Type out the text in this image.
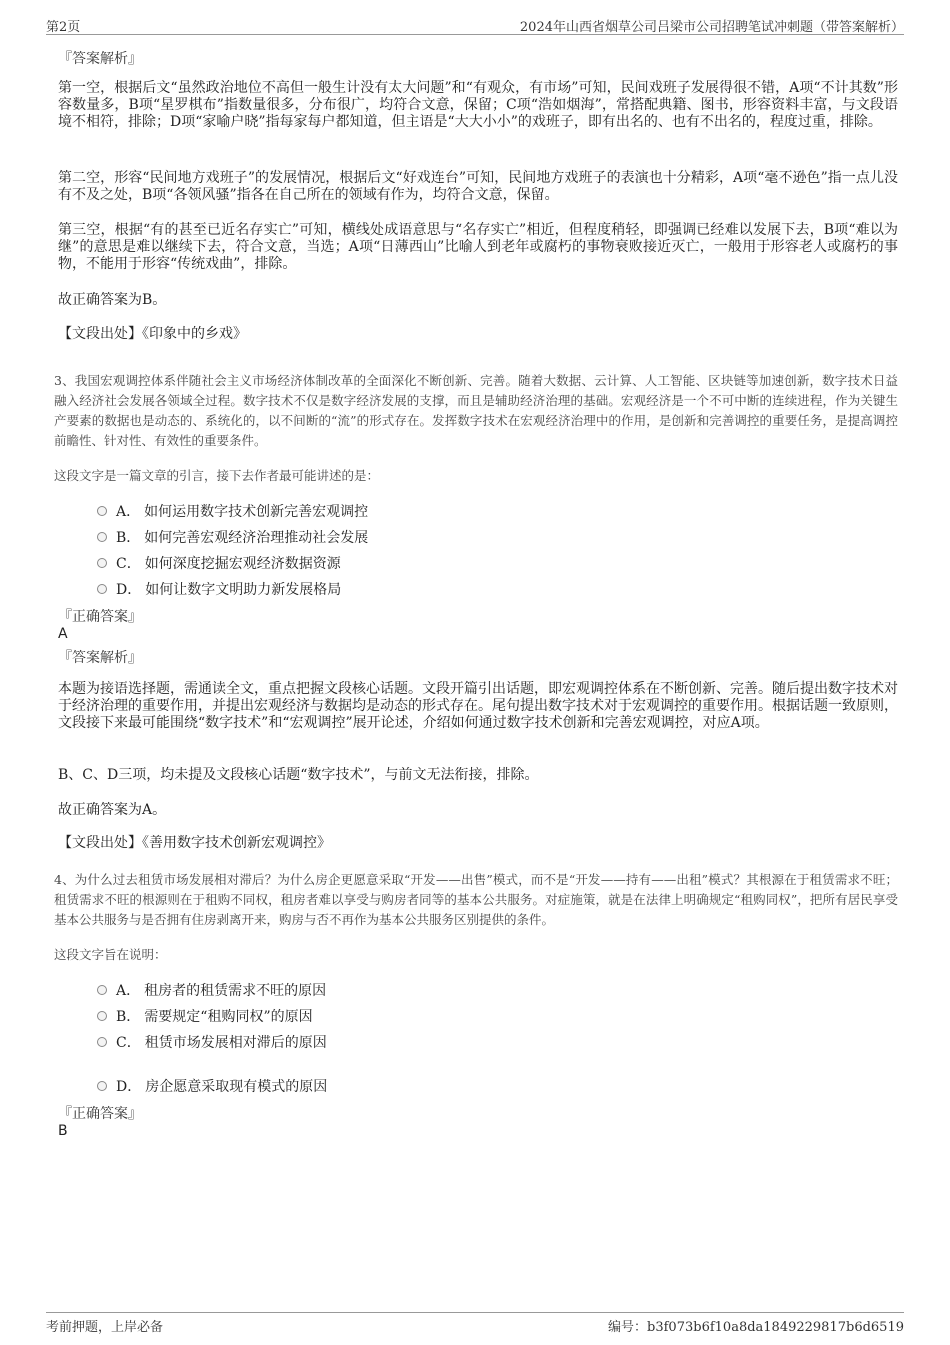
第2页	2024年山西省烟草公司吕梁市公司招聘笔试冲刺题（带答案解析）
『答案解析』
第一空，根据后文“虽然政治地位不高但一般生计没有太大问题”和“有观众，有市场”可知，民间戏班子发展得很不错，A项“不计其数”形容数量多，B项“星罗棋布”指数量很多，分布很广，均符合文意，保留；C项“浩如烟海”，常搭配典籍、图书，形容资料丰富，与文段语境不相符，排除；D项“家喻户晓”指每家每户都知道，但主语是“大大小小”的戏班子，即有出名的、也有不出名的，程度过重，排除。
第二空，形容“民间地方戏班子”的发展情况，根据后文“好戏连台”可知，民间地方戏班子的表演也十分精彩，A项“毫不逊色”指一点儿没有不及之处，B项“各领风骚”指各在自己所在的领域有作为，均符合文意，保留。
第三空，根据“有的甚至已近名存实亡”可知，横线处成语意思与“名存实亡”相近，但程度稍轻，即强调已经难以发展下去，B项“难以为继”的意思是难以继续下去，符合文意，当选；A项“日薄西山”比喻人到老年或腐朽的事物衰败接近灭亡，一般用于形容老人或腐朽的事物，不能用于形容“传统戏曲”，排除。
故正确答案为B。
【文段出处】《印象中的乡戏》
3、我国宏观调控体系伴随社会主义市场经济体制改革的全面深化不断创新、完善。随着大数据、云计算、人工智能、区块链等加速创新，数字技术日益融入经济社会发展各领域全过程。数字技术不仅是数字经济发展的支撑，而且是辅助经济治理的基础。宏观经济是一个不可中断的连续进程，作为关键生产要素的数据也是动态的、系统化的，以不间断的“流”的形式存在。发挥数字技术在宏观经济治理中的作用，是创新和完善调控的重要任务，是提高调控前瞻性、针对性、有效性的重要条件。
这段文字是一篇文章的引言，接下去作者最可能讲述的是：
A． 如何运用数字技术创新完善宏观调控
B． 如何完善宏观经济治理推动社会发展
C． 如何深度挖掘宏观经济数据资源
D． 如何让数字文明助力新发展格局
『正确答案』
A
『答案解析』
本题为接语选择题，需通读全文，重点把握文段核心话题。文段开篇引出话题，即宏观调控体系在不断创新、完善。随后提出数字技术对于经济治理的重要作用，并提出宏观经济与数据均是动态的形式存在。尾句提出数字技术对于宏观调控的重要作用。根据话题一致原则，文段接下来最可能围绕“数字技术”和“宏观调控”展开论述，介绍如何通过数字技术创新和完善宏观调控，对应A项。
B、C、D三项，均未提及文段核心话题“数字技术”，与前文无法衔接，排除。
故正确答案为A。
【文段出处】《善用数字技术创新宏观调控》
4、为什么过去租赁市场发展相对滞后？为什么房企更愿意采取“开发——出售”模式，而不是“开发——持有——出租”模式？其根源在于租赁需求不旺；租赁需求不旺的根源则在于租购不同权，租房者难以享受与购房者同等的基本公共服务。对症施策，就是在法律上明确规定“租购同权”，把所有居民享受基本公共服务与是否拥有住房剥离开来，购房与否不再作为基本公共服务区别提供的条件。
这段文字旨在说明：
A． 租房者的租赁需求不旺的原因
B． 需要规定“租购同权”的原因
C． 租赁市场发展相对滞后的原因
D． 房企愿意采取现有模式的原因
『正确答案』
B
考前押题，上岸必备	编号：b3f073b6f10a8da1849229817b6d6519
